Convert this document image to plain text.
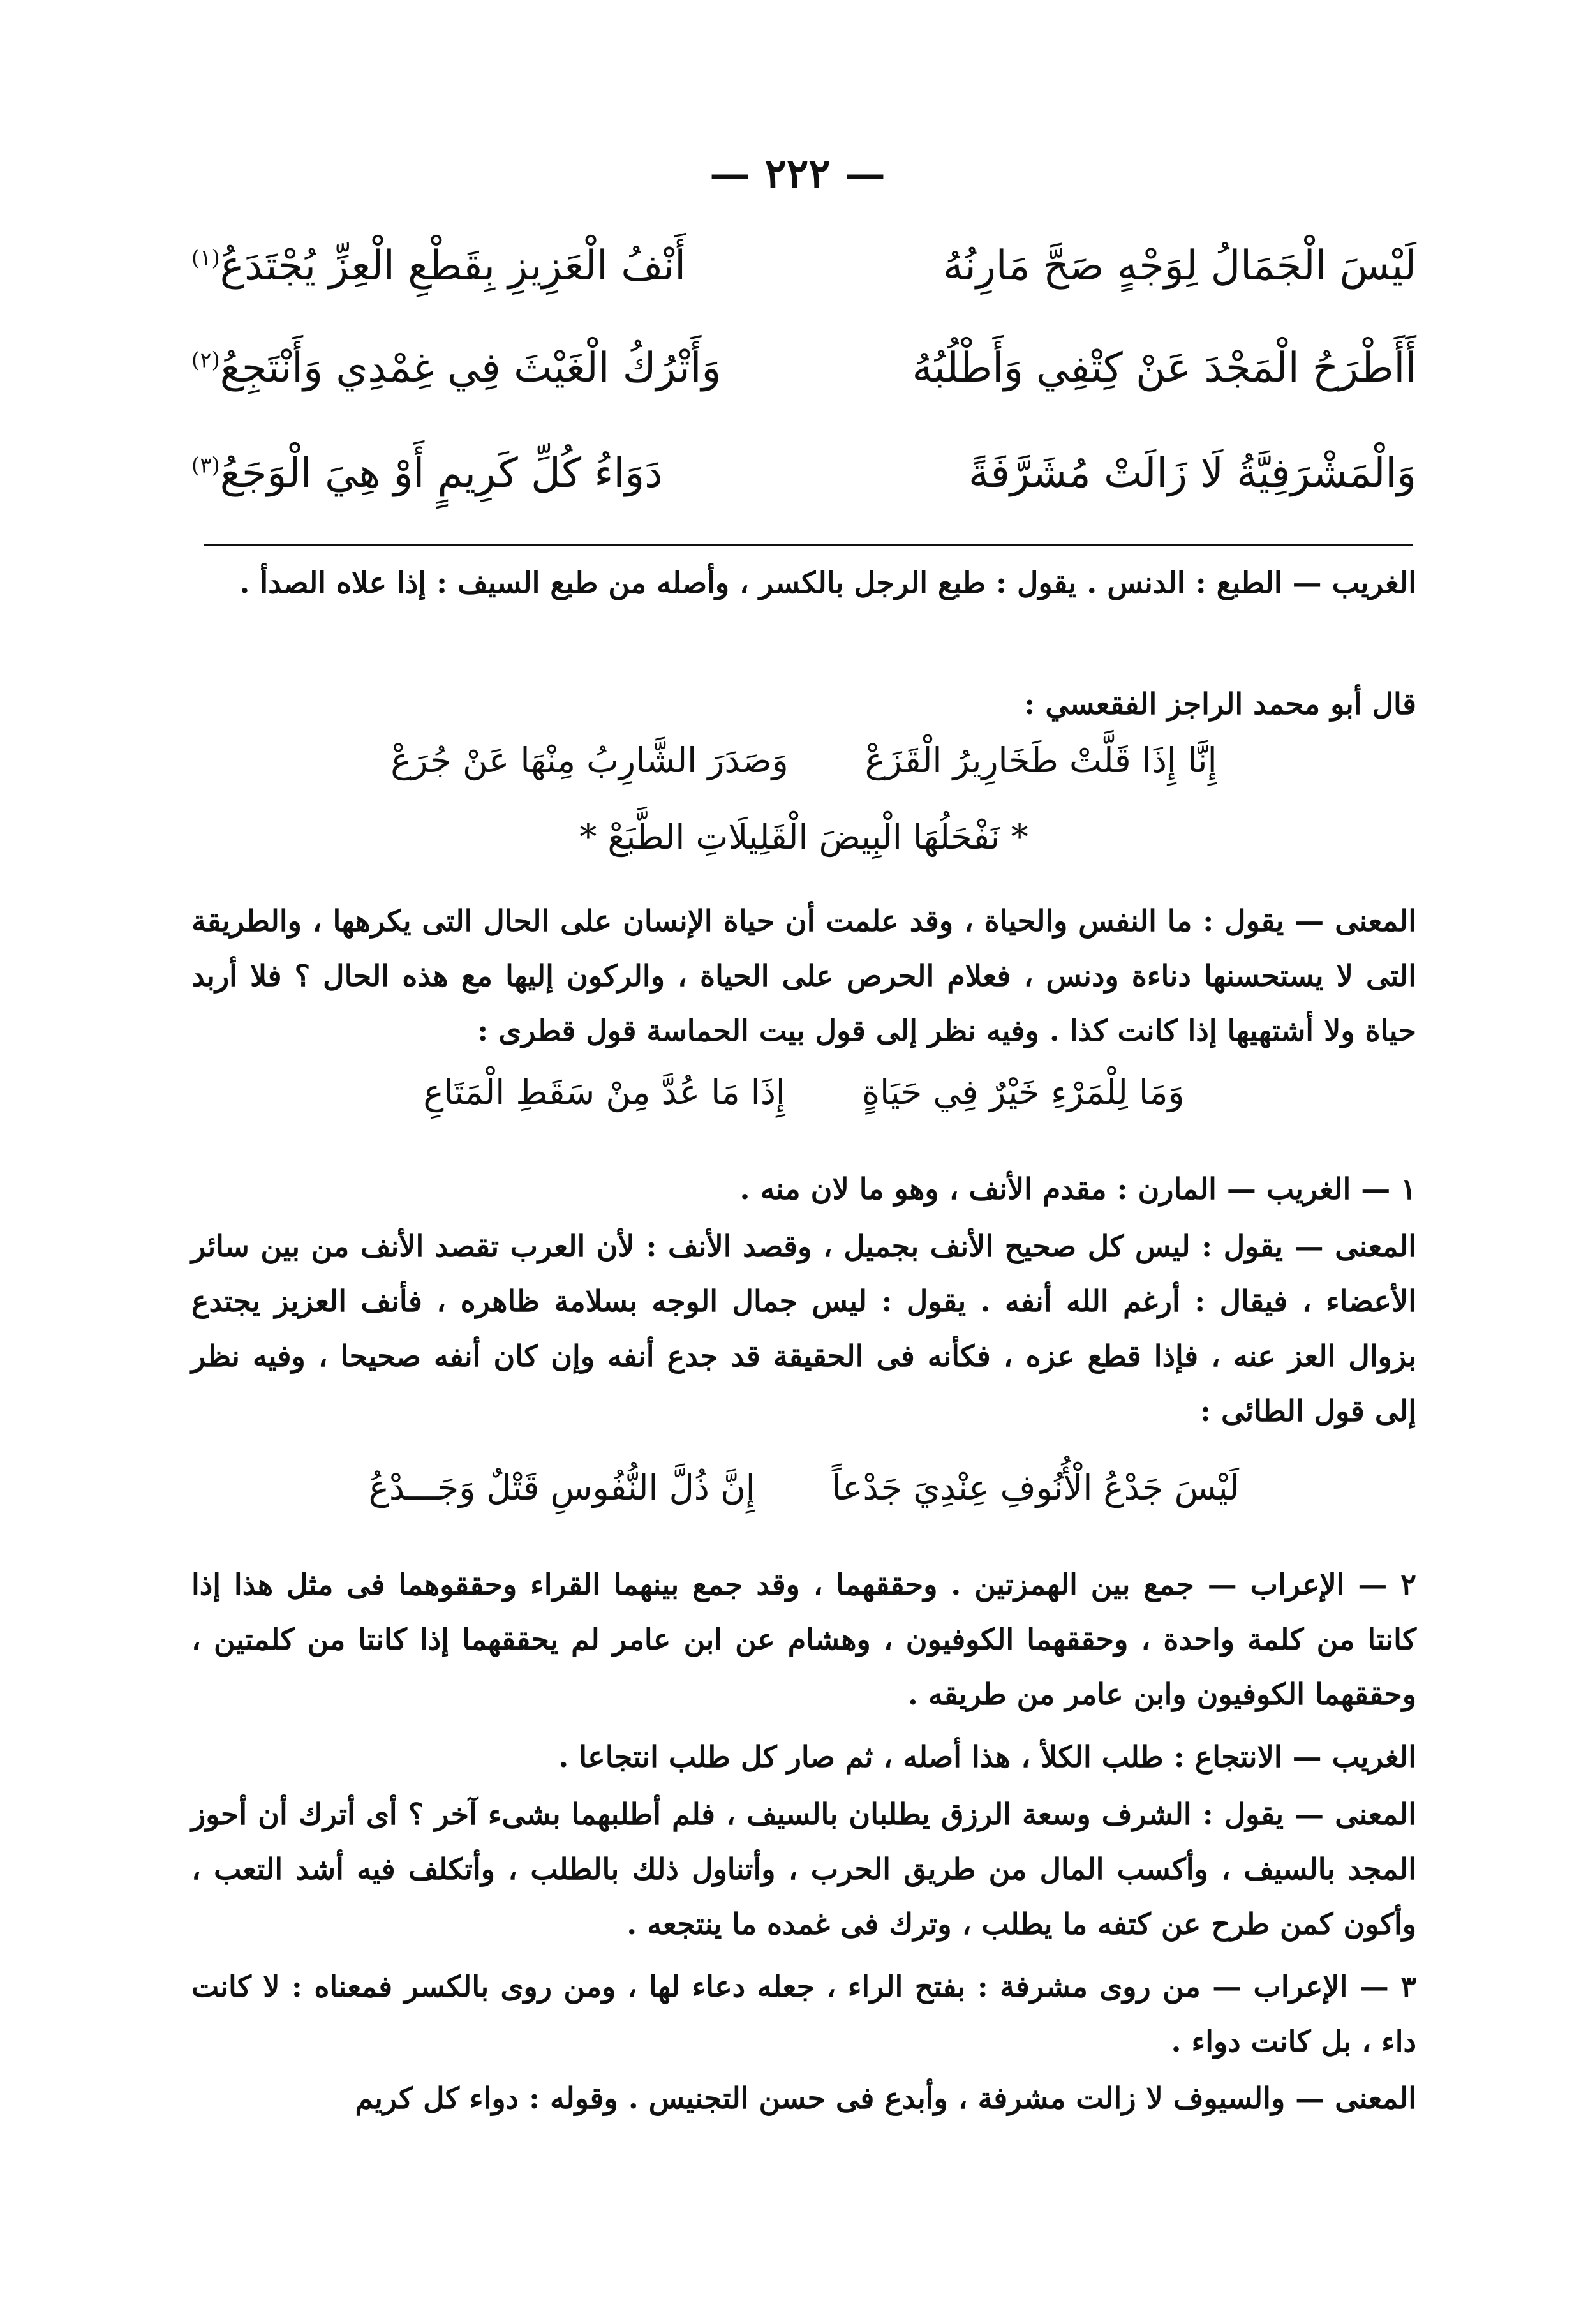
— ٢٢٢ —
لَيْسَ الْجَمَالُ لِوَجْهٍ صَحَّ مَارِنُهُ
أَنْفُ الْعَزِيزِ بِقَطْعِ الْعِزِّ يُجْتَدَعُ$^{(١)}$
أَأَطْرَحُ الْمَجْدَ عَنْ كِتْفِي وَأَطْلُبُهُ
وَأَتْرُكُ الْغَيْثَ فِي غِمْدِي وَأَنْتَجِعُ$^{(٢)}$
وَالْمَشْرَفِيَّةُ لَا زَالَتْ مُشَرَّفَةً
دَوَاءُ كُلِّ كَرِيمٍ أَوْ هِيَ الْوَجَعُ$^{(٣)}$
الغريب — الطبع : الدنس . يقول : طبع الرجل بالكسر ، وأصله من طبع السيف : إذا علاه الصدأ .
قال أبو محمد الراجز الفقعسي :
إِنَّا إِذَا قَلَّتْ طَخَارِيرُ الْقَزَعْوَصَدَرَ الشَّارِبُ مِنْهَا عَنْ جُرَعْ
* نَفْحَلُهَا الْبِيضَ الْقَلِيلَاتِ الطَّبَعْ *
المعنى — يقول : ما النفس والحياة ، وقد علمت أن حياة الإنسان على الحال التى يكرهها ، والطريقة التى لا يستحسنها دناءة ودنس ، فعلام الحرص على الحياة ، والركون إليها مع هذه الحال ؟ فلا أربد حياة ولا أشتهيها إذا كانت كذا . وفيه نظر إلى قول بيت الحماسة قول قطرى :
وَمَا لِلْمَرْءِ خَيْرٌ فِي حَيَاةٍإِذَا مَا عُدَّ مِنْ سَقَطِ الْمَتَاعِ
١ — الغريب — المارن : مقدم الأنف ، وهو ما لان منه .
المعنى — يقول : ليس كل صحيح الأنف بجميل ، وقصد الأنف : لأن العرب تقصد الأنف من بين سائر الأعضاء ، فيقال : أرغم الله أنفه . يقول : ليس جمال الوجه بسلامة ظاهره ، فأنف العزيز يجتدع بزوال العز عنه ، فإذا قطع عزه ، فكأنه فى الحقيقة قد جدع أنفه وإن كان أنفه صحيحا ، وفيه نظر إلى قول الطائى :
لَيْسَ جَدْعُ الْأُنُوفِ عِنْدِيَ جَدْعاًإِنَّ ذُلَّ النُّفُوسِ قَتْلٌ وَجَـــدْعُ
٢ — الإعراب — جمع بين الهمزتين . وحققهما ، وقد جمع بينهما القراء وحققوهما فى مثل هذا إذا كانتا من كلمة واحدة ، وحققهما الكوفيون ، وهشام عن ابن عامر لم يحققهما إذا كانتا من كلمتين ، وحققهما الكوفيون وابن عامر من طريقه .
الغريب — الانتجاع : طلب الكلأ ، هذا أصله ، ثم صار كل طلب انتجاعا .
المعنى — يقول : الشرف وسعة الرزق يطلبان بالسيف ، فلم أطلبهما بشىء آخر ؟ أى أترك أن أحوز المجد بالسيف ، وأكسب المال من طريق الحرب ، وأتناول ذلك بالطلب ، وأتكلف فيه أشد التعب ، وأكون كمن طرح عن كتفه ما يطلب ، وترك فى غمده ما ينتجعه .
٣ — الإعراب — من روى مشرفة : بفتح الراء ، جعله دعاء لها ، ومن روى بالكسر فمعناه : لا كانت داء ، بل كانت دواء .
المعنى — والسيوف لا زالت مشرفة ، وأبدع فى حسن التجنيس . وقوله : دواء كل كريم
